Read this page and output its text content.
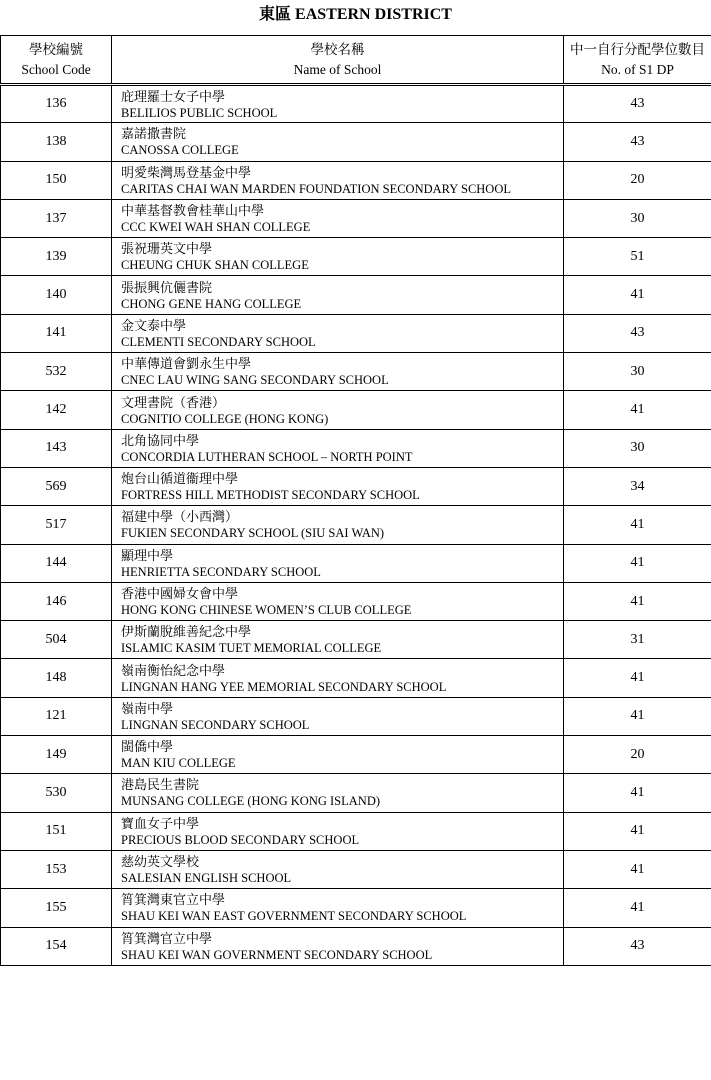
東區 EASTERN DISTRICT
學校編號
School Code	學校名稱
Name of School	中一自行分配學位數目
No. of S1 DP

136	庇理羅士女子中學
BELILIOS PUBLIC SCHOOL	43
138	嘉諾撒書院
CANOSSA COLLEGE	43
150	明愛柴灣馬登基金中學
CARITAS CHAI WAN MARDEN FOUNDATION SECONDARY SCHOOL	20
137	中華基督教會桂華山中學
CCC KWEI WAH SHAN COLLEGE	30
139	張祝珊英文中學
CHEUNG CHUK SHAN COLLEGE	51
140	張振興伉儷書院
CHONG GENE HANG COLLEGE	41
141	金文泰中學
CLEMENTI SECONDARY SCHOOL	43
532	中華傳道會劉永生中學
CNEC LAU WING SANG SECONDARY SCHOOL	30
142	文理書院（香港）
COGNITIO COLLEGE (HONG KONG)	41
143	北角協同中學
CONCORDIA LUTHERAN SCHOOL – NORTH POINT	30
569	炮台山循道衞理中學
FORTRESS HILL METHODIST SECONDARY SCHOOL	34
517	福建中學（小西灣）
FUKIEN SECONDARY SCHOOL (SIU SAI WAN)	41
144	顯理中學
HENRIETTA SECONDARY SCHOOL	41
146	香港中國婦女會中學
HONG KONG CHINESE WOMEN’S CLUB COLLEGE	41
504	伊斯蘭脫維善紀念中學
ISLAMIC KASIM TUET MEMORIAL COLLEGE	31
148	嶺南衡怡紀念中學
LINGNAN HANG YEE MEMORIAL SECONDARY SCHOOL	41
121	嶺南中學
LINGNAN SECONDARY SCHOOL	41
149	閩僑中學
MAN KIU COLLEGE	20
530	港島民生書院
MUNSANG COLLEGE (HONG KONG ISLAND)	41
151	寶血女子中學
PRECIOUS BLOOD SECONDARY SCHOOL	41
153	慈幼英文學校
SALESIAN ENGLISH SCHOOL	41
155	筲箕灣東官立中學
SHAU KEI WAN EAST GOVERNMENT SECONDARY SCHOOL	41
154	筲箕灣官立中學
SHAU KEI WAN GOVERNMENT SECONDARY SCHOOL	43
